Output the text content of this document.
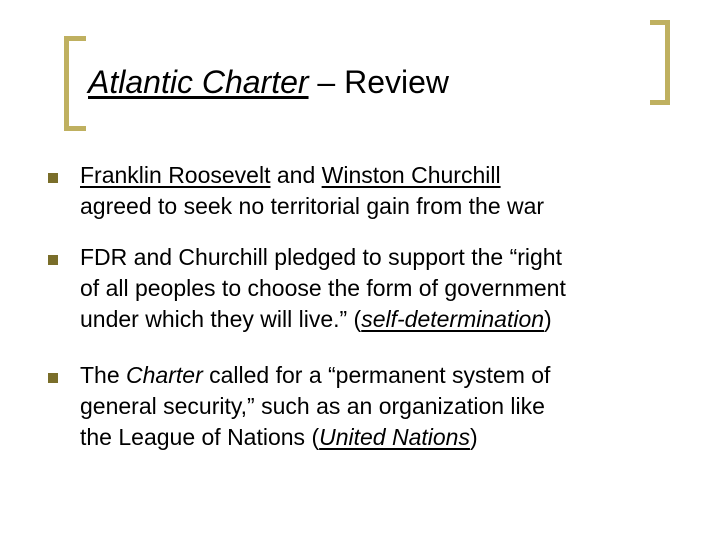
Atlantic Charter – Review
Franklin Roosevelt and Winston Churchill
agreed to seek no territorial gain from the war
FDR and Churchill pledged to support the “right
of all peoples to choose the form of government
under which they will live.” (self-determination)
The Charter called for a “permanent system of
general security,” such as an organization like
the League of Nations (United Nations)
